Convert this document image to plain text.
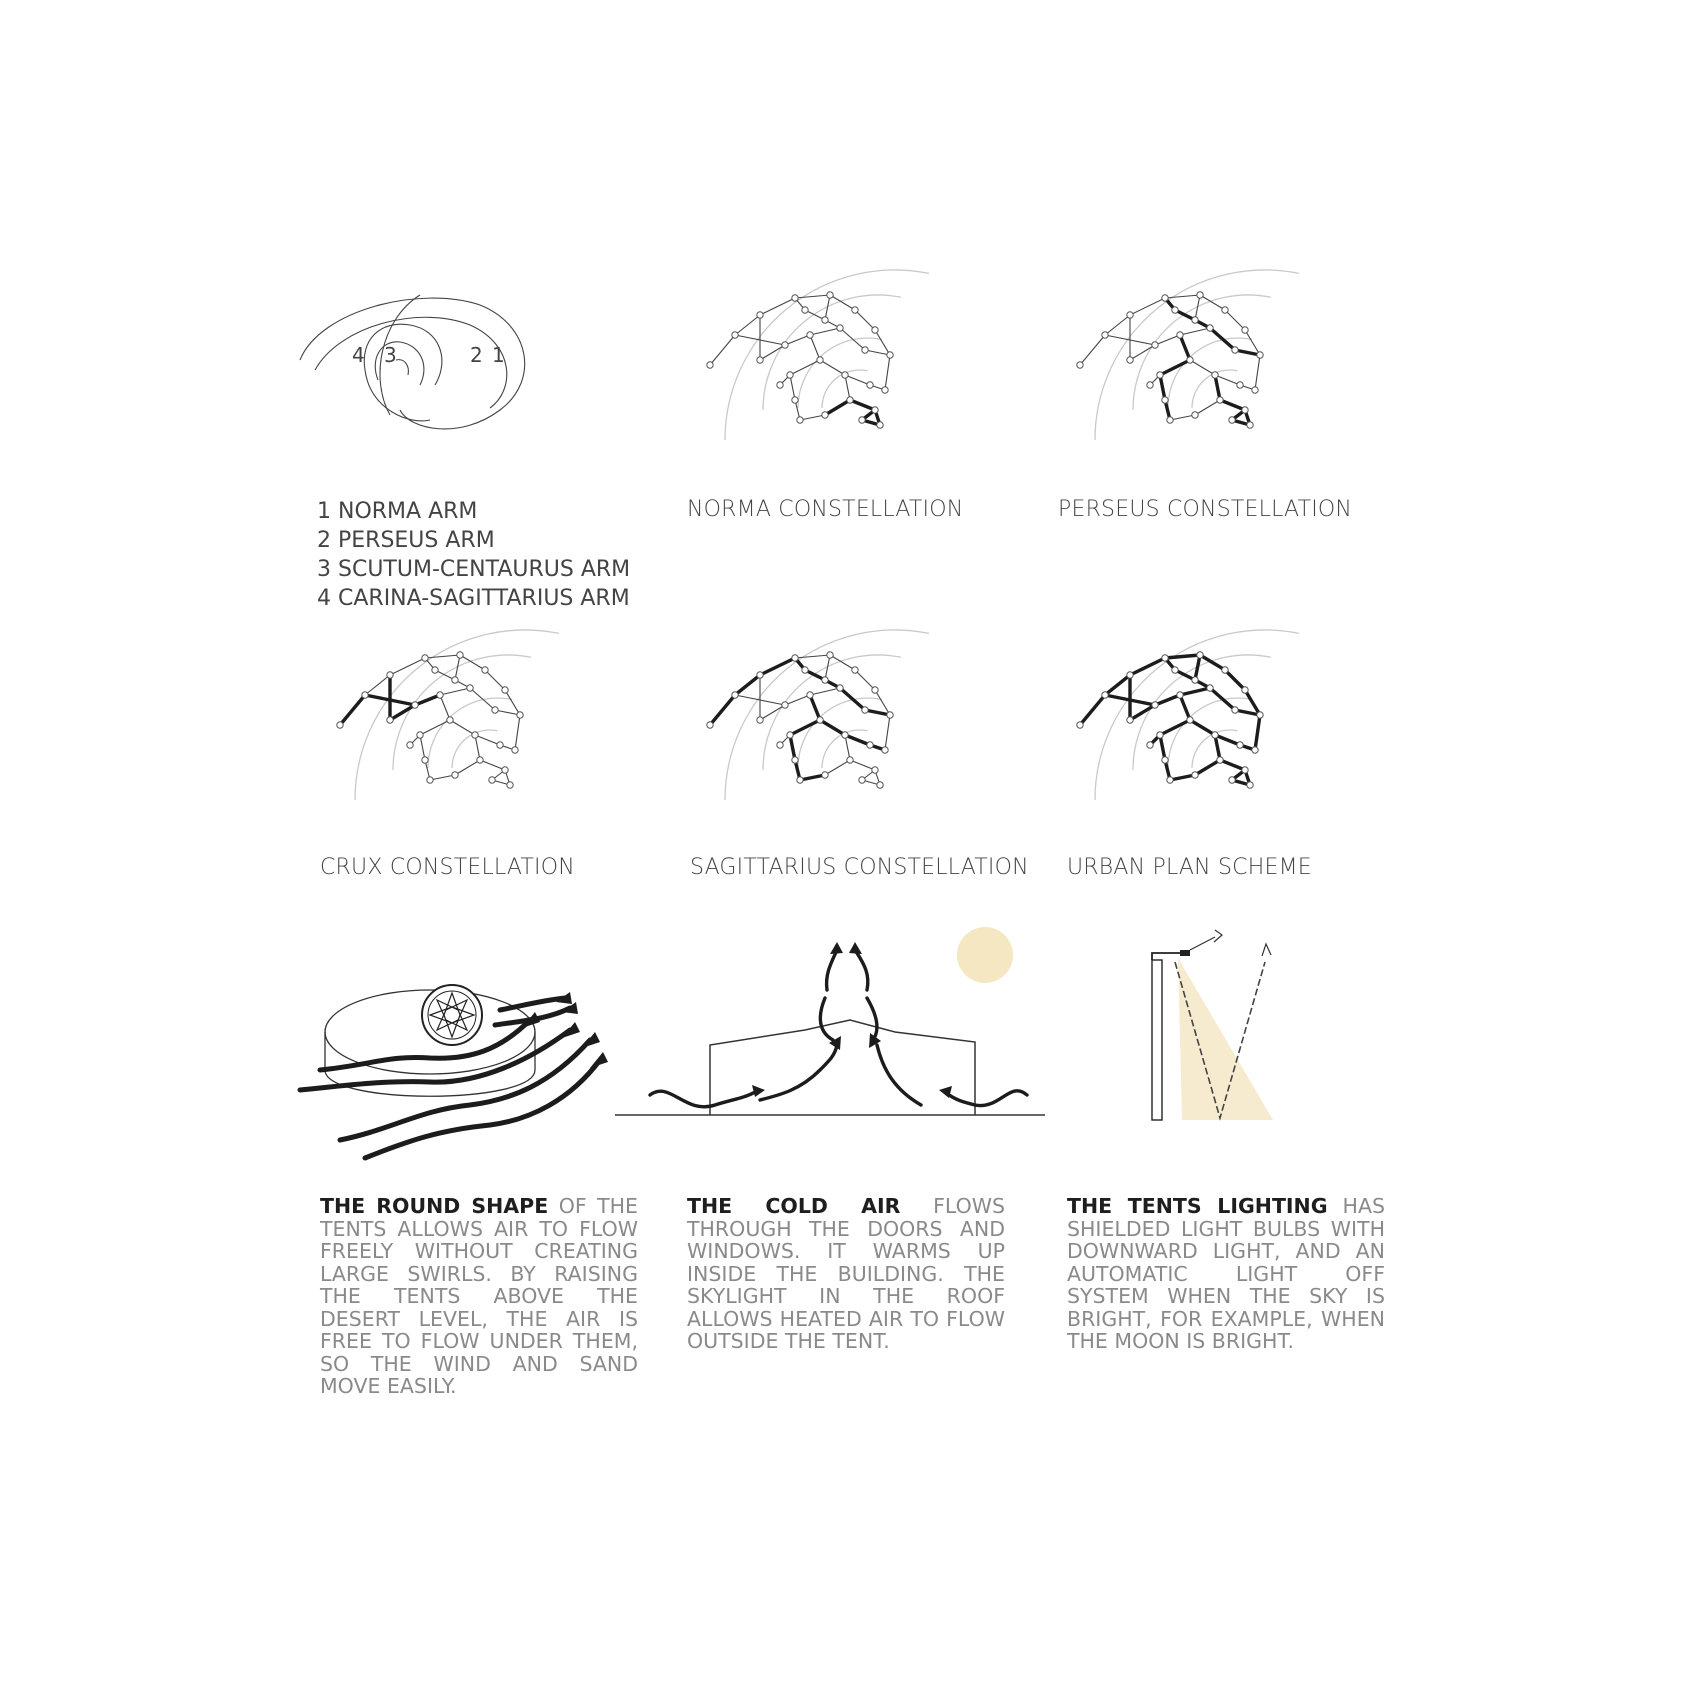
4 3	2 1
1 NORMA ARM
2 PERSEUS ARM
3 SCUTUM-CENTAURUS ARM
4 CARINA-SAGITTARIUS ARM
NORMA CONSTELLATION	PERSEUS CONSTELLATION
CRUX CONSTELLATION	SAGITTARIUS CONSTELLATION URBAN PLAN SCHEME
THE ROUND SHAPE OF THE TENTS ALLOWS AIR TO FLOW FREELY WITHOUT CREATING LARGE SWIRLS. BY RAISING THE TENTS ABOVE THE DESERT LEVEL, THE AIR IS FREE TO FLOW UNDER THEM, SO THE WIND AND SAND MOVE EASILY.
THE COLD AIR FLOWS THROUGH THE DOORS AND WINDOWS. IT WARMS UP INSIDE THE BUILDING. THE SKYLIGHT IN THE ROOF ALLOWS HEATED AIR TO FLOW OUTSIDE THE TENT.
THE TENTS LIGHTING HAS SHIELDED LIGHT BULBS WITH DOWNWARD LIGHT, AND AN AUTOMATIC LIGHT OFF SYSTEM WHEN THE SKY IS BRIGHT, FOR EXAMPLE, WHEN THE MOON IS BRIGHT.
